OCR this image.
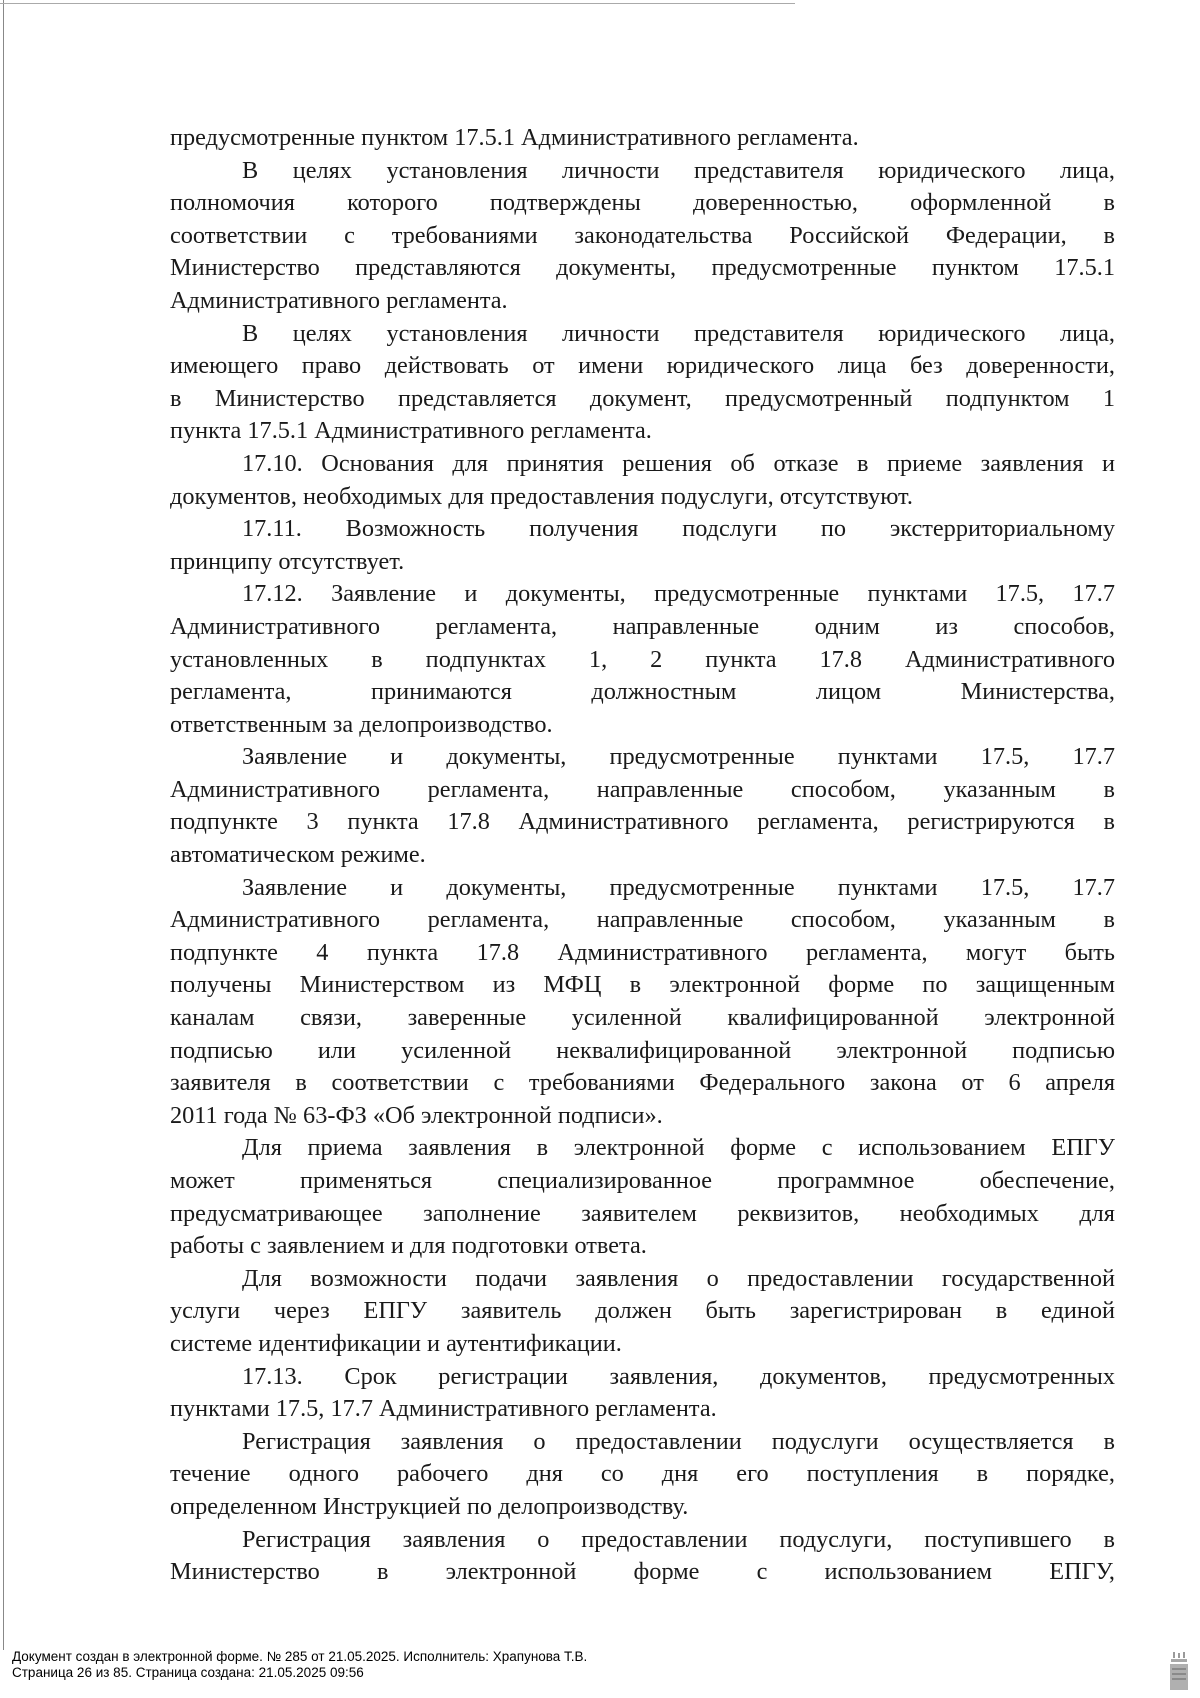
предусмотренные пунктом 17.5.1 Административного регламента.
В целях установления личности представителя юридического лица,
полномочия которого подтверждены доверенностью, оформленной в
соответствии с требованиями законодательства Российской Федерации, в
Министерство представляются документы, предусмотренные пунктом 17.5.1
Административного регламента.
В целях установления личности представителя юридического лица,
имеющего право действовать от имени юридического лица без доверенности,
в Министерство представляется документ, предусмотренный подпунктом 1
пункта 17.5.1 Административного регламента.
17.10. Основания для принятия решения об отказе в приеме заявления и
документов, необходимых для предоставления подуслуги, отсутствуют.
17.11. Возможность получения подслуги по экстерриториальному
принципу отсутствует.
17.12. Заявление и документы, предусмотренные пунктами 17.5, 17.7
Административного регламента, направленные одним из способов,
установленных в подпунктах 1, 2 пункта 17.8 Административного
регламента, принимаются должностным лицом Министерства,
ответственным за делопроизводство.
Заявление и документы, предусмотренные пунктами 17.5, 17.7
Административного регламента, направленные способом, указанным в
подпункте 3 пункта 17.8 Административного регламента, регистрируются в
автоматическом режиме.
Заявление и документы, предусмотренные пунктами 17.5, 17.7
Административного регламента, направленные способом, указанным в
подпункте 4 пункта 17.8 Административного регламента, могут быть
получены Министерством из МФЦ в электронной форме по защищенным
каналам связи, заверенные усиленной квалифицированной электронной
подписью или усиленной неквалифицированной электронной подписью
заявителя в соответствии с требованиями Федерального закона от 6 апреля
2011 года № 63-ФЗ «Об электронной подписи».
Для приема заявления в электронной форме с использованием ЕПГУ
может применяться специализированное программное обеспечение,
предусматривающее заполнение заявителем реквизитов, необходимых для
работы с заявлением и для подготовки ответа.
Для возможности подачи заявления о предоставлении государственной
услуги через ЕПГУ заявитель должен быть зарегистрирован в единой
системе идентификации и аутентификации.
17.13. Срок регистрации заявления, документов, предусмотренных
пунктами 17.5, 17.7 Административного регламента.
Регистрация заявления о предоставлении подуслуги осуществляется в
течение одного рабочего дня со дня его поступления в порядке,
определенном Инструкцией по делопроизводству.
Регистрация заявления о предоставлении подуслуги, поступившего в
Министерство в электронной форме с использованием ЕПГУ,
Документ создан в электронной форме. № 285 от 21.05.2025. Исполнитель: Храпунова Т.В.
Страница 26 из 85. Страница создана: 21.05.2025 09:56
